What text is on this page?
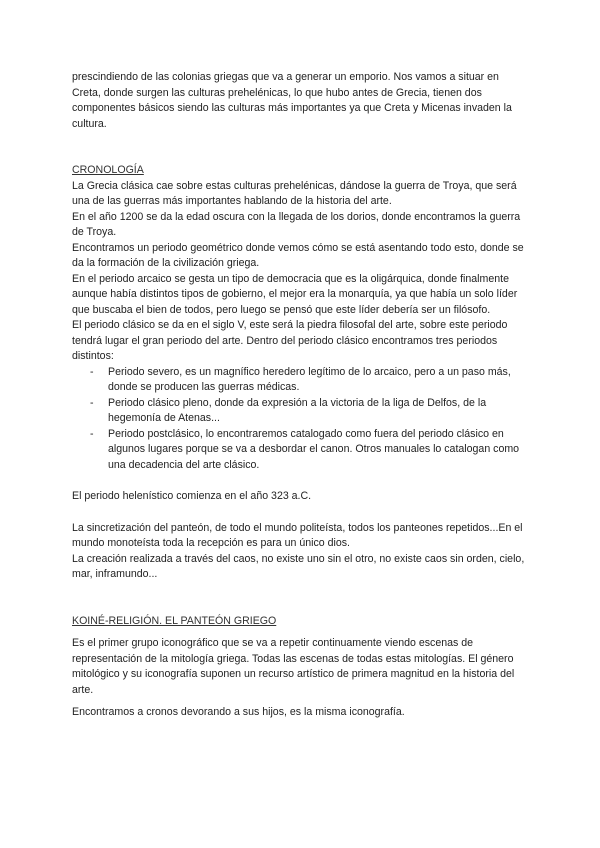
prescindiendo de las colonias griegas que va a generar un emporio. Nos vamos a situar en Creta, donde surgen las culturas prehelénicas, lo que hubo antes de Grecia, tienen dos componentes básicos siendo las culturas más importantes ya que Creta y Micenas invaden la cultura.

CRONOLOGÍA

La Grecia clásica cae sobre estas culturas prehelénicas, dándose la guerra de Troya, que será una de las guerras más importantes hablando de la historia del arte.

En el año 1200 se da la edad oscura con la llegada de los dorios, donde encontramos la guerra de Troya.

Encontramos un periodo geométrico donde vemos cómo se está asentando todo esto, donde se da la formación de la civilización griega.

En el periodo arcaico se gesta un tipo de democracia que es la oligárquica, donde finalmente aunque había distintos tipos de gobierno, el mejor era la monarquía, ya que había un solo líder que buscaba el bien de todos, pero luego se pensó que este líder debería ser un filósofo.

El periodo clásico se da en el siglo V, este será la piedra filosofal del arte, sobre este periodo tendrá lugar el gran periodo del arte. Dentro del periodo clásico encontramos tres periodos distintos:

- Periodo severo, es un magnífico heredero legítimo de lo arcaico, pero a un paso más, donde se producen las guerras médicas.
- Periodo clásico pleno, donde da expresión a la victoria de la liga de Delfos, de la hegemonía de Atenas...
- Periodo postclásico, lo encontraremos catalogado como fuera del periodo clásico en algunos lugares porque se va a desbordar el canon. Otros manuales lo catalogan como una decadencia del arte clásico.

El periodo helenístico comienza en el año 323 a.C.

La sincretización del panteón, de todo el mundo politeísta, todos los panteones repetidos...En el mundo monoteísta toda la recepción es para un único dios.

La creación realizada a través del caos, no existe uno sin el otro, no existe caos sin orden, cielo, mar, inframundo...

KOINÉ-RELIGIÓN. EL PANTEÓN GRIEGO

Es el primer grupo iconográfico que se va a repetir continuamente viendo escenas de representación de la mitología griega. Todas las escenas de todas estas mitologías. El género mitológico y su iconografía suponen un recurso artístico de primera magnitud en la historia del arte.

Encontramos a cronos devorando a sus hijos, es la misma iconografía.
